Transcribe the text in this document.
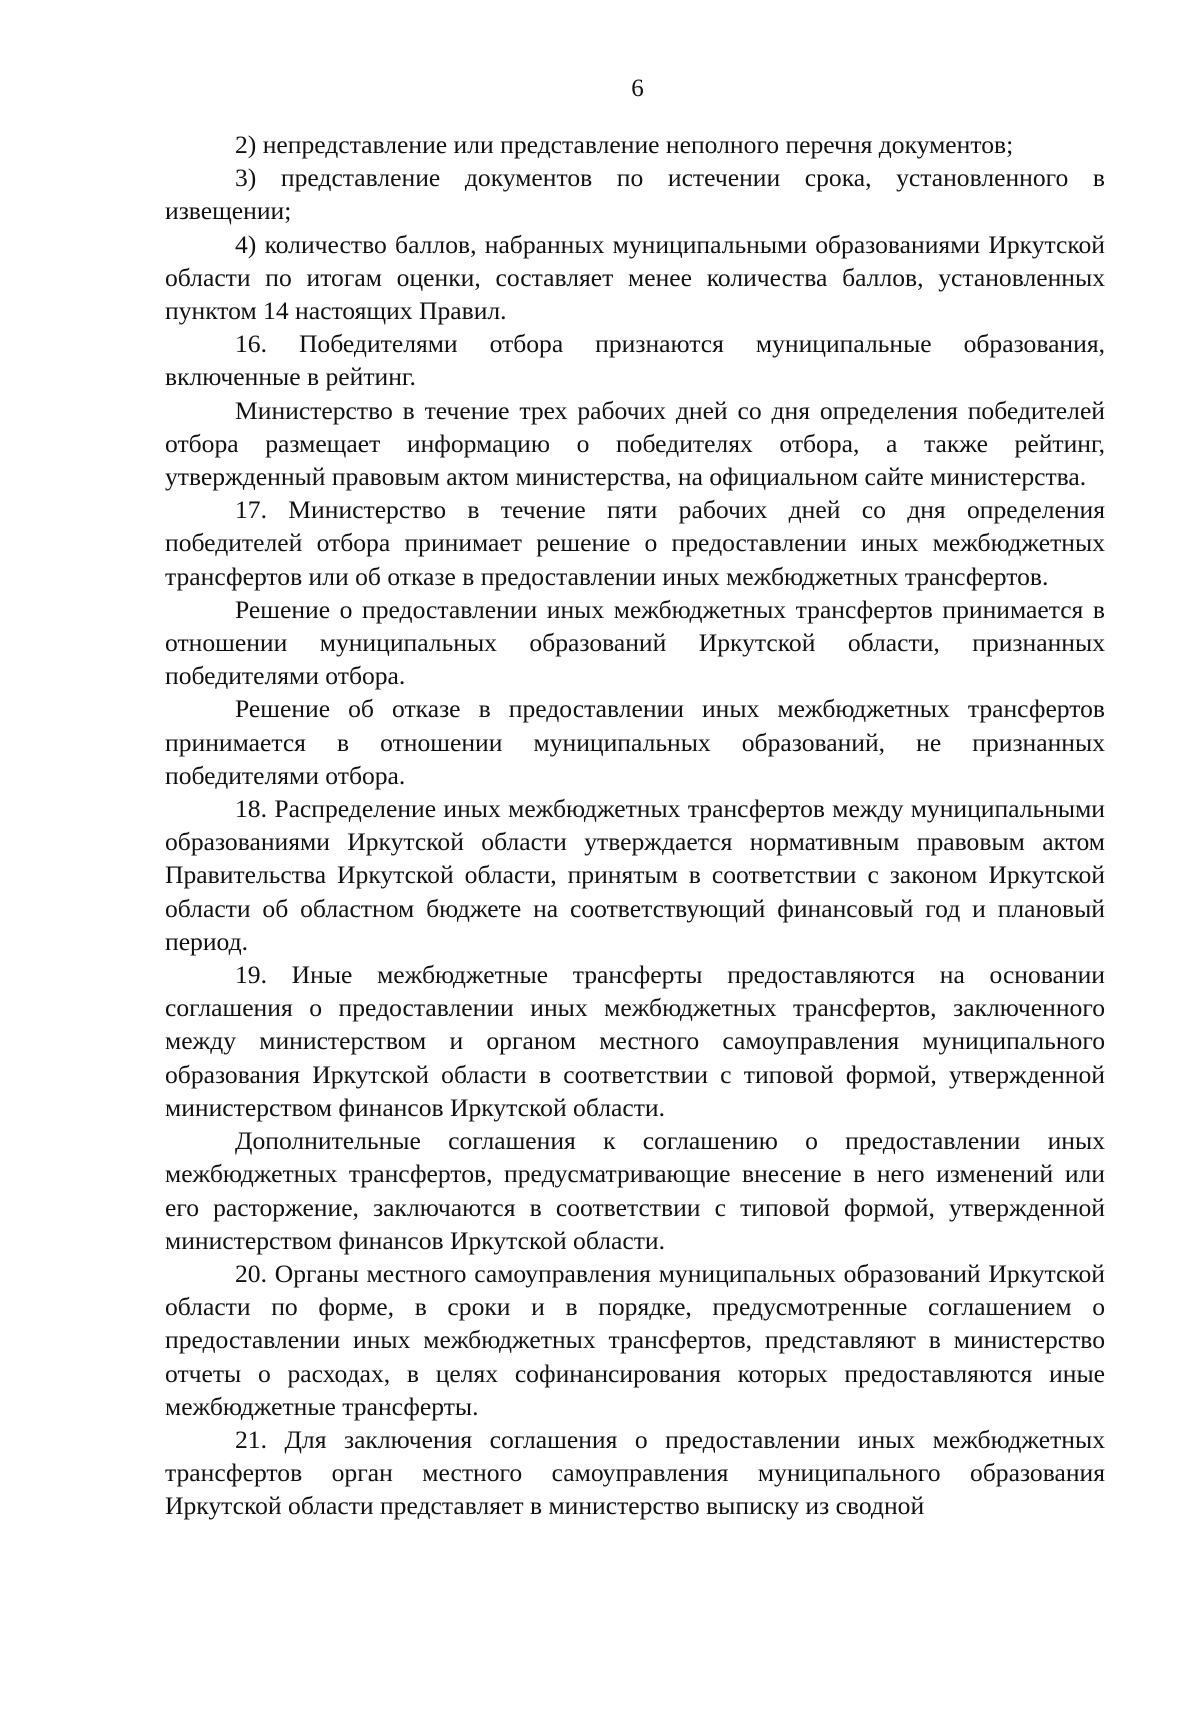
6

2) непредставление или представление неполного перечня документов;

3) представление документов по истечении срока, установленного в извещении;

4) количество баллов, набранных муниципальными образованиями Иркутской области по итогам оценки, составляет менее количества баллов, установленных пунктом 14 настоящих Правил.

16. Победителями отбора признаются муниципальные образования, включенные в рейтинг.

Министерство в течение трех рабочих дней со дня определения победителей отбора размещает информацию о победителях отбора, а также рейтинг, утвержденный правовым актом министерства, на официальном сайте министерства.

17. Министерство в течение пяти рабочих дней со дня определения победителей отбора принимает решение о предоставлении иных межбюджетных трансфертов или об отказе в предоставлении иных межбюджетных трансфертов.

Решение о предоставлении иных межбюджетных трансфертов принимается в отношении муниципальных образований Иркутской области, признанных победителями отбора.

Решение об отказе в предоставлении иных межбюджетных трансфертов принимается в отношении муниципальных образований, не признанных победителями отбора.

18. Распределение иных межбюджетных трансфертов между муниципальными образованиями Иркутской области утверждается нормативным правовым актом Правительства Иркутской области, принятым в соответствии с законом Иркутской области об областном бюджете на соответствующий финансовый год и плановый период.

19. Иные межбюджетные трансферты предоставляются на основании соглашения о предоставлении иных межбюджетных трансфертов, заключенного между министерством и органом местного самоуправления муниципального образования Иркутской области в соответствии с типовой формой, утвержденной министерством финансов Иркутской области.

Дополнительные соглашения к соглашению о предоставлении иных межбюджетных трансфертов, предусматривающие внесение в него изменений или его расторжение, заключаются в соответствии с типовой формой, утвержденной министерством финансов Иркутской области.

20. Органы местного самоуправления муниципальных образований Иркутской области по форме, в сроки и в порядке, предусмотренные соглашением о предоставлении иных межбюджетных трансфертов, представляют в министерство отчеты о расходах, в целях софинансирования которых предоставляются иные межбюджетные трансферты.

21. Для заключения соглашения о предоставлении иных межбюджетных трансфертов орган местного самоуправления муниципального образования Иркутской области представляет в министерство выписку из сводной
